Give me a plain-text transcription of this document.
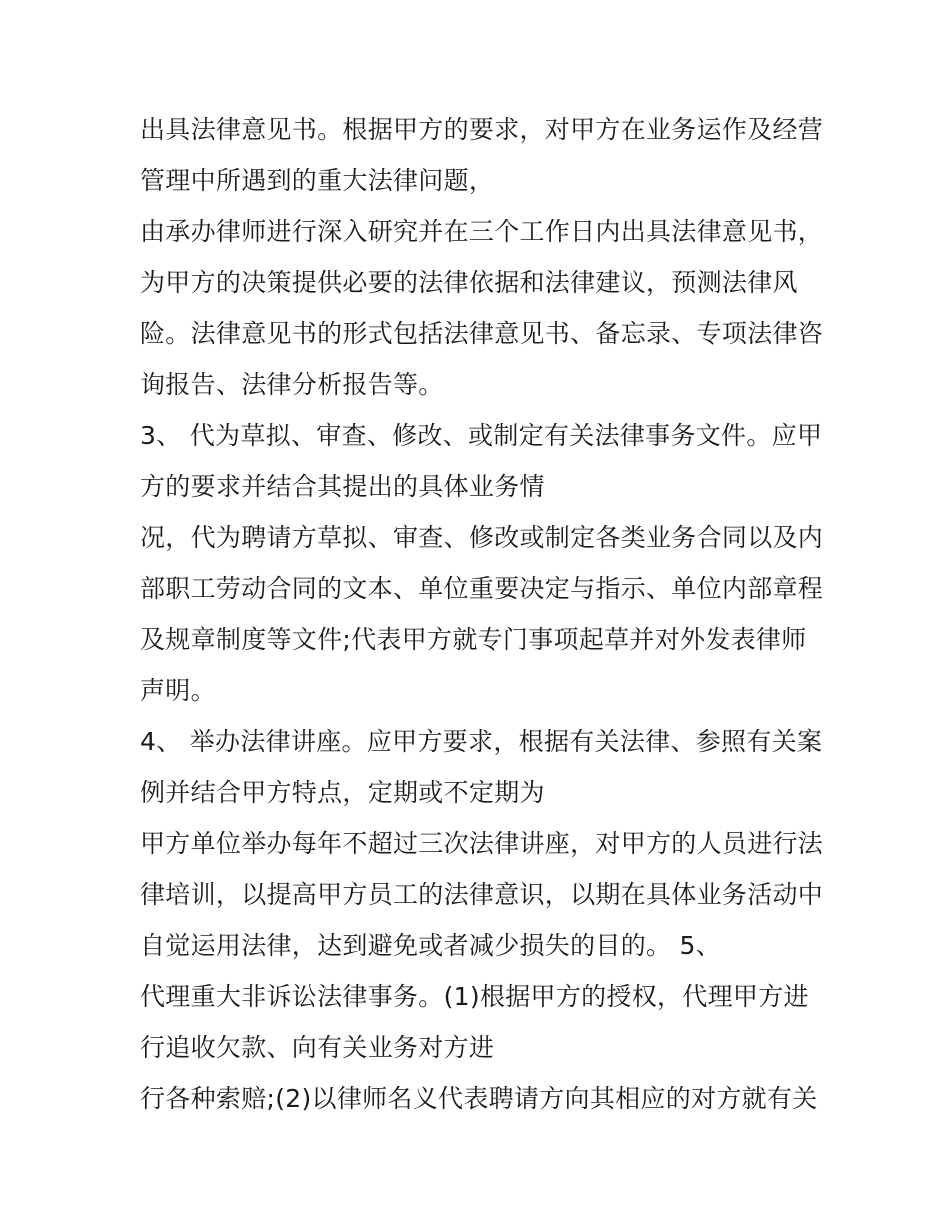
出具法律意见书。根据甲方的要求，对甲方在业务运作及经营
管理中所遇到的重大法律问题，
由承办律师进行深入研究并在三个工作日内出具法律意见书，
为甲方的决策提供必要的法律依据和法律建议，预测法律风
险。法律意见书的形式包括法律意见书、备忘录、专项法律咨
询报告、法律分析报告等。
3、 代为草拟、审查、修改、或制定有关法律事务文件。应甲
方的要求并结合其提出的具体业务情
况，代为聘请方草拟、审查、修改或制定各类业务合同以及内
部职工劳动合同的文本、单位重要决定与指示、单位内部章程
及规章制度等文件;代表甲方就专门事项起草并对外发表律师
声明。
4、 举办法律讲座。应甲方要求，根据有关法律、参照有关案
例并结合甲方特点，定期或不定期为
甲方单位举办每年不超过三次法律讲座，对甲方的人员进行法
律培训，以提高甲方员工的法律意识，以期在具体业务活动中
自觉运用法律，达到避免或者减少损失的目的。 5、
代理重大非诉讼法律事务。(1)根据甲方的授权，代理甲方进
行追收欠款、向有关业务对方进
行各种索赔;(2)以律师名义代表聘请方向其相应的对方就有关
